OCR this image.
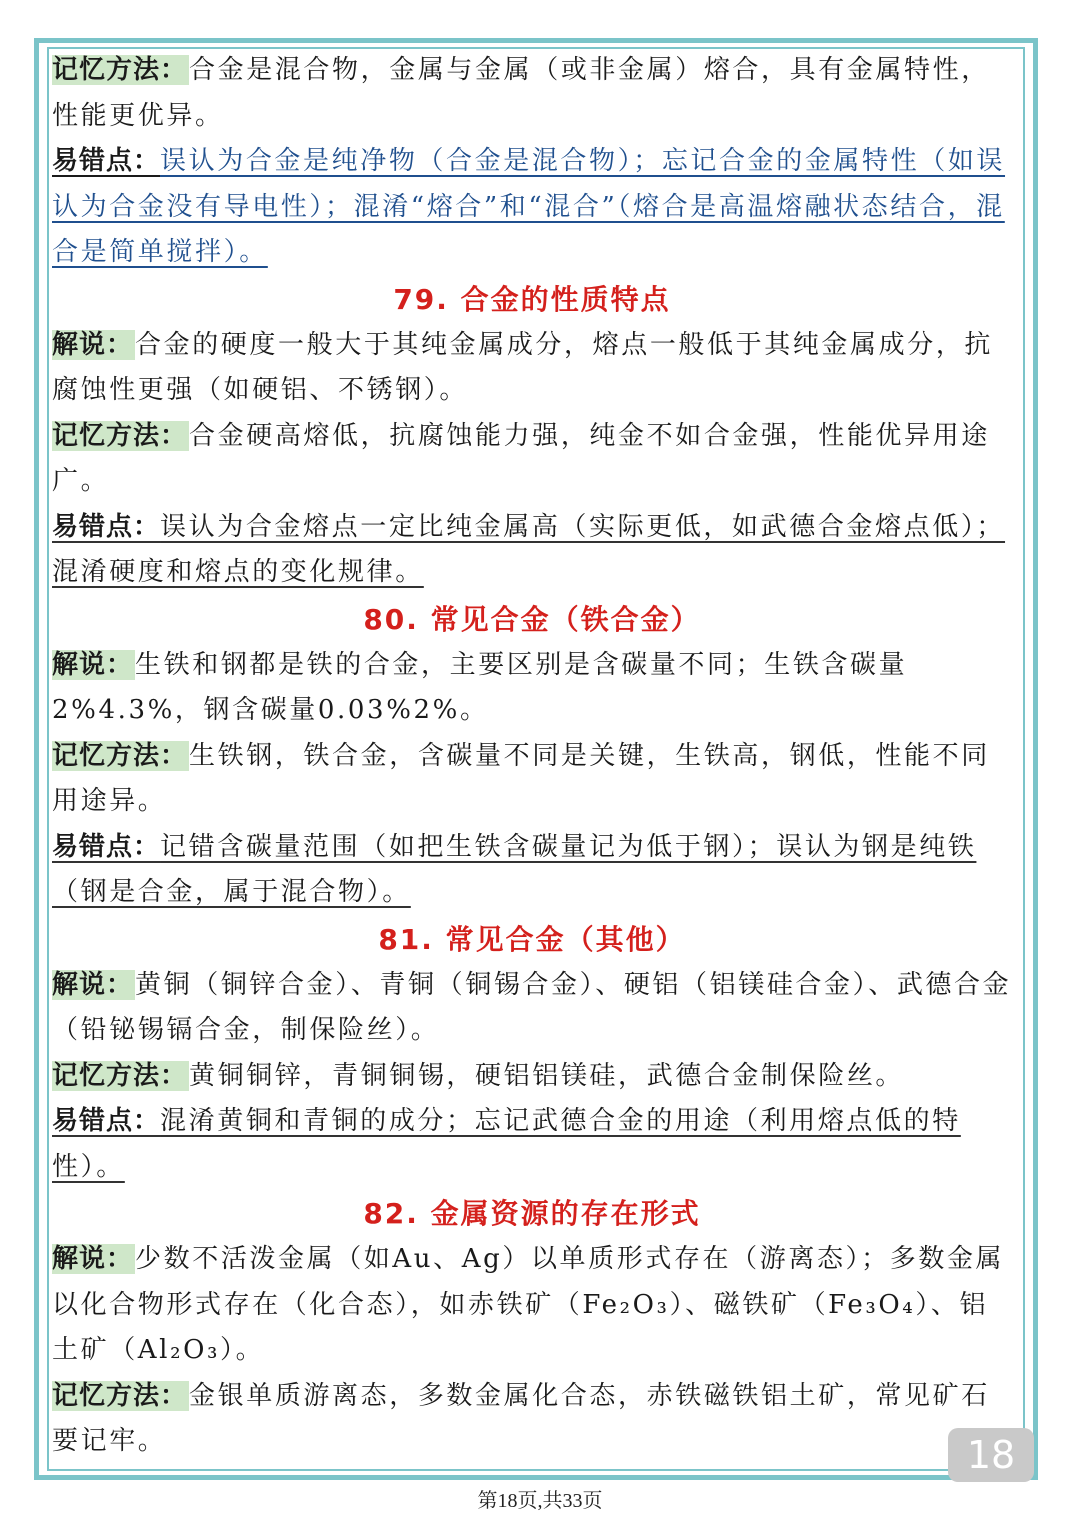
记忆方法：合金是混合物，金属与金属（或非金属）熔合，具有金属特性，性能更优异。

易错点：误认为合金是纯净物（合金是混合物）；忘记合金的金属特性（如误认为合金没有导电性）；混淆“熔合”和“混合”（熔合是高温熔融状态结合，混合是简单搅拌）。

79. 合金的性质特点

解说：合金的硬度一般大于其纯金属成分，熔点一般低于其纯金属成分，抗腐蚀性更强（如硬铝、不锈钢）。

记忆方法：合金硬高熔低，抗腐蚀能力强，纯金不如合金强，性能优异用途广。

易错点：误认为合金熔点一定比纯金属高（实际更低，如武德合金熔点低）；混淆硬度和熔点的变化规律。

80. 常见合金（铁合金）

解说：生铁和钢都是铁的合金，主要区别是含碳量不同；生铁含碳量2%4.3%，钢含碳量0.03%2%。

记忆方法：生铁钢，铁合金，含碳量不同是关键，生铁高，钢低，性能不同用途异。

易错点：记错含碳量范围（如把生铁含碳量记为低于钢）；误认为钢是纯铁（钢是合金，属于混合物）。

81. 常见合金（其他）

解说：黄铜（铜锌合金）、青铜（铜锡合金）、硬铝（铝镁硅合金）、武德合金（铅铋锡镉合金，制保险丝）。

记忆方法：黄铜铜锌，青铜铜锡，硬铝铝镁硅，武德合金制保险丝。

易错点：混淆黄铜和青铜的成分；忘记武德合金的用途（利用熔点低的特性）。

82. 金属资源的存在形式

解说：少数不活泼金属（如Au、Ag）以单质形式存在（游离态）；多数金属以化合物形式存在（化合态），如赤铁矿（Fe₂O₃）、磁铁矿（Fe₃O₄）、铝土矿（Al₂O₃）。

记忆方法：金银单质游离态，多数金属化合态，赤铁磁铁铝土矿，常见矿石要记牢。	18
第18页,共33页
